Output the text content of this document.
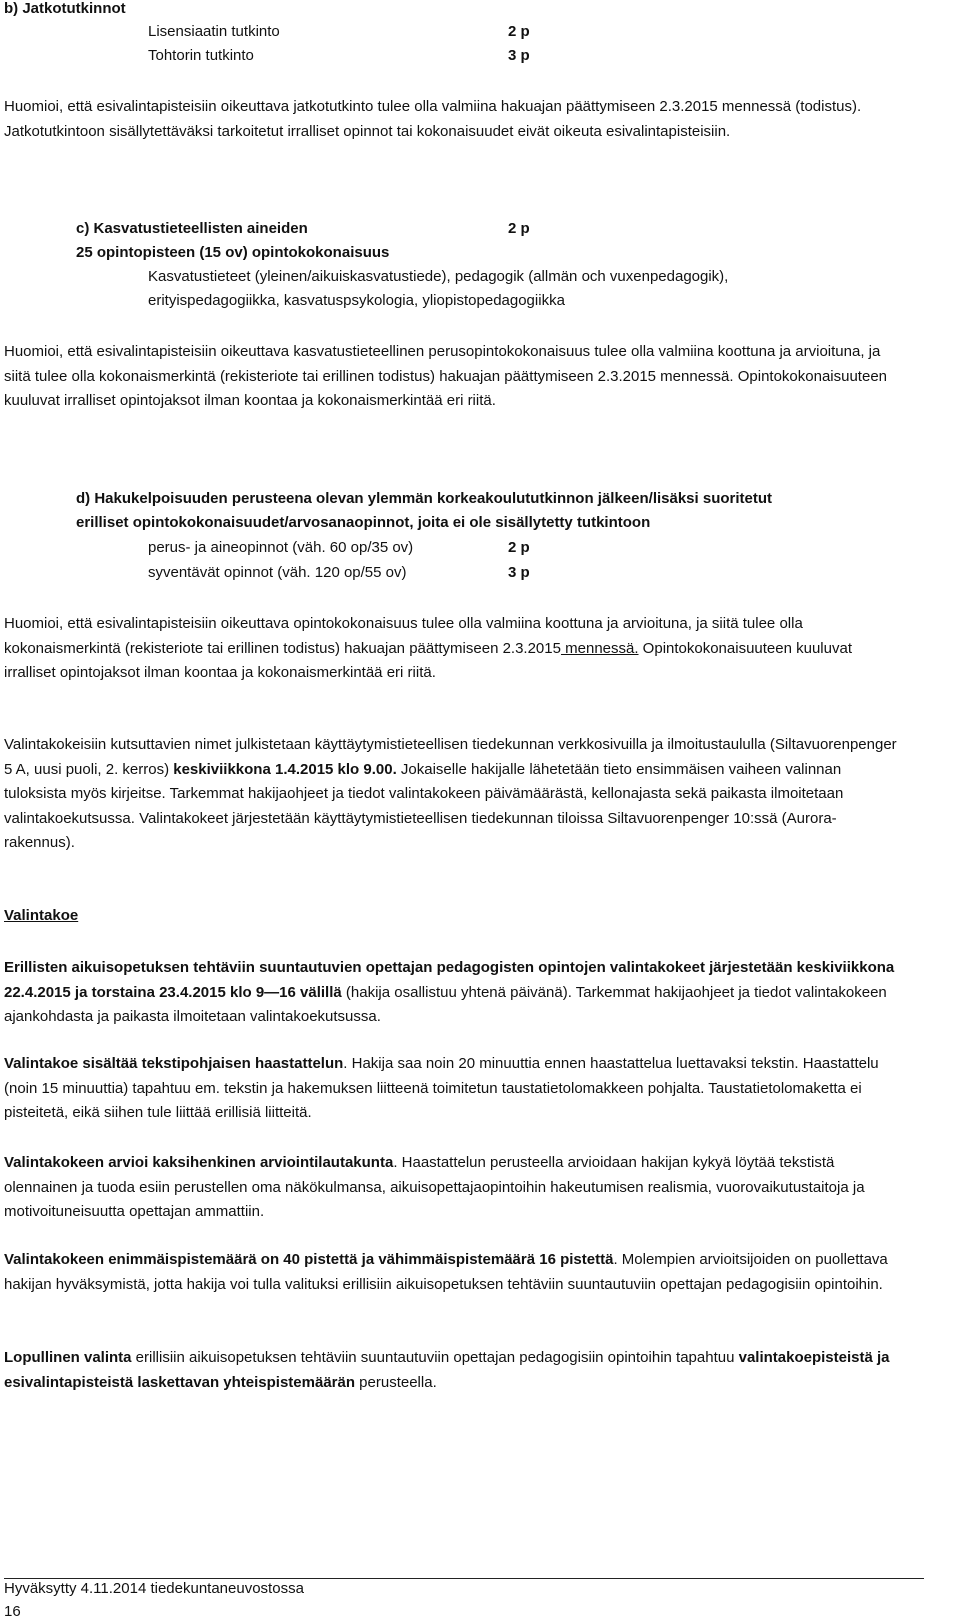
b) Jatkotutkinnot
Lisensiaatin tutkinto	2 p
Tohtorin tutkinto	3 p
Huomioi, että esivalintapisteisiin oikeuttava jatkotutkinto tulee olla valmiina hakuajan päättymiseen 2.3.2015 mennessä (todistus). Jatkotutkintoon sisällytettäväksi tarkoitetut irralliset opinnot tai kokonaisuudet eivät oikeuta esivalintapisteisiin.
c) Kasvatustieteellisten aineiden	2 p
25 opintopisteen (15 ov) opintokokonaisuus
Kasvatustieteet (yleinen/aikuiskasvatustiede), pedagogik (allmän och vuxenpedagogik),
erityispedagogiikka, kasvatuspsykologia, yliopistopedagogiikka
Huomioi, että esivalintapisteisiin oikeuttava kasvatustieteellinen perusopintokokonaisuus tulee olla valmiina koottuna ja arvioituna, ja siitä tulee olla kokonaismerkintä (rekisteriote tai erillinen todistus) hakuajan päättymiseen 2.3.2015 mennessä. Opintokokonaisuuteen kuuluvat irralliset opintojaksot ilman koontaa ja kokonaismerkintää eri riitä.
d) Hakukelpoisuuden perusteena olevan ylemmän korkeakoulututkinnon jälkeen/lisäksi suoritetut
erilliset opintokokonaisuudet/arvosanaopinnot, joita ei ole sisällytetty tutkintoon
perus- ja aineopinnot (väh. 60 op/35 ov)	2 p
syventävät opinnot (väh. 120 op/55 ov)	3 p
Huomioi, että esivalintapisteisiin oikeuttava opintokokonaisuus tulee olla valmiina koottuna ja arvioituna, ja siitä tulee olla kokonaismerkintä (rekisteriote tai erillinen todistus) hakuajan päättymiseen 2.3.2015 mennessä. Opintokokonaisuuteen kuuluvat irralliset opintojaksot ilman koontaa ja kokonaismerkintää eri riitä.
Valintakokeisiin kutsuttavien nimet julkistetaan käyttäytymistieteellisen tiedekunnan verkkosivuilla ja ilmoitustaululla (Siltavuorenpenger 5 A, uusi puoli, 2. kerros) keskiviikkona 1.4.2015 klo 9.00. Jokaiselle hakijalle lähetetään tieto ensimmäisen vaiheen valinnan tuloksista myös kirjeitse. Tarkemmat hakijaohjeet ja tiedot valintakokeen päivämäärästä, kellonajasta sekä paikasta ilmoitetaan valintakoekutsussa. Valintakokeet järjestetään käyttäytymistieteellisen tiedekunnan tiloissa Siltavuorenpenger 10:ssä (Aurora-rakennus).
Valintakoe
Erillisten aikuisopetuksen tehtäviin suuntautuvien opettajan pedagogisten opintojen valintakokeet järjestetään keskiviikkona 22.4.2015 ja torstaina 23.4.2015 klo 9—16 välillä (hakija osallistuu yhtenä päivänä). Tarkemmat hakijaohjeet ja tiedot valintakokeen ajankohdasta ja paikasta ilmoitetaan valintakoekutsussa.
Valintakoe sisältää tekstipohjaisen haastattelun. Hakija saa noin 20 minuuttia ennen haastattelua luettavaksi tekstin. Haastattelu (noin 15 minuuttia) tapahtuu em. tekstin ja hakemuksen liitteenä toimitetun taustatietolomakkeen pohjalta. Taustatietolomaketta ei pisteitetä, eikä siihen tule liittää erillisiä liitteitä.
Valintakokeen arvioi kaksihenkinen arviointilautakunta. Haastattelun perusteella arvioidaan hakijan kykyä löytää tekstistä olennainen ja tuoda esiin perustellen oma näkökulmansa, aikuisopettajaopintoihin hakeutumisen realismia, vuorovaikutustaitoja ja motivoituneisuutta opettajan ammattiin.
Valintakokeen enimmäispistemäärä on 40 pistettä ja vähimmäispistemäärä 16 pistettä. Molempien arvioitsijoiden on puollettava hakijan hyväksymistä, jotta hakija voi tulla valituksi erillisiin aikuisopetuksen tehtäviin suuntautuviin opettajan pedagogisiin opintoihin.
Lopullinen valinta erillisiin aikuisopetuksen tehtäviin suuntautuviin opettajan pedagogisiin opintoihin tapahtuu valintakoepisteistä ja esivalintapisteistä laskettavan yhteispistemäärän perusteella.
Hyväksytty 4.11.2014 tiedekuntaneuvostossa
16
